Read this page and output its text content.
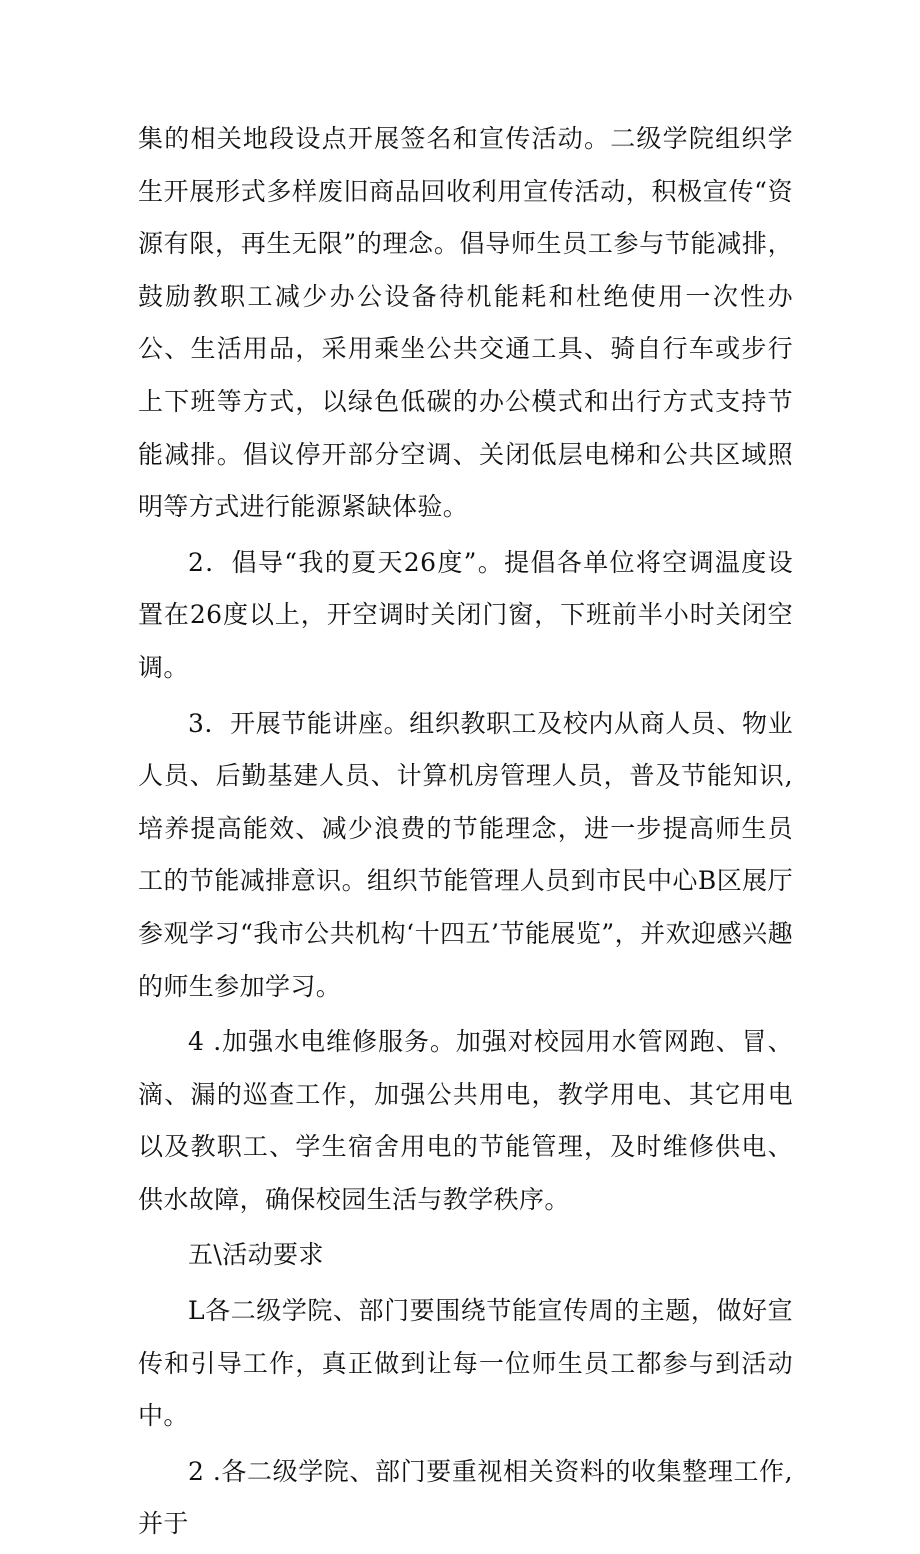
集的相关地段设点开展签名和宣传活动。二级学院组织学生开展形式多样废旧商品回收利用宣传活动，积极宣传“资源有限，再生无限”的理念。倡导师生员工参与节能减排，鼓励教职工减少办公设备待机能耗和杜绝使用一次性办公、生活用品，采用乘坐公共交通工具、骑自行车或步行上下班等方式，以绿色低碳的办公模式和出行方式支持节能减排。倡议停开部分空调、关闭低层电梯和公共区域照明等方式进行能源紧缺体验。

2．倡导“我的夏天26度”。提倡各单位将空调温度设置在26度以上，开空调时关闭门窗，下班前半小时关闭空调。

3．开展节能讲座。组织教职工及校内从商人员、物业人员、后勤基建人员、计算机房管理人员，普及节能知识,培养提高能效、减少浪费的节能理念，进一步提高师生员工的节能减排意识。组织节能管理人员到市民中心B区展厅参观学习“我市公共机构‘十四五’节能展览”，并欢迎感兴趣的师生参加学习。

4 .加强水电维修服务。加强对校园用水管网跑、冒、滴、漏的巡查工作，加强公共用电，教学用电、其它用电以及教职工、学生宿舍用电的节能管理，及时维修供电、供水故障，确保校园生活与教学秩序。

五\活动要求

L各二级学院、部门要围绕节能宣传周的主题，做好宣传和引导工作，真正做到让每一位师生员工都参与到活动中。

2 .各二级学院、部门要重视相关资料的收集整理工作,并于
